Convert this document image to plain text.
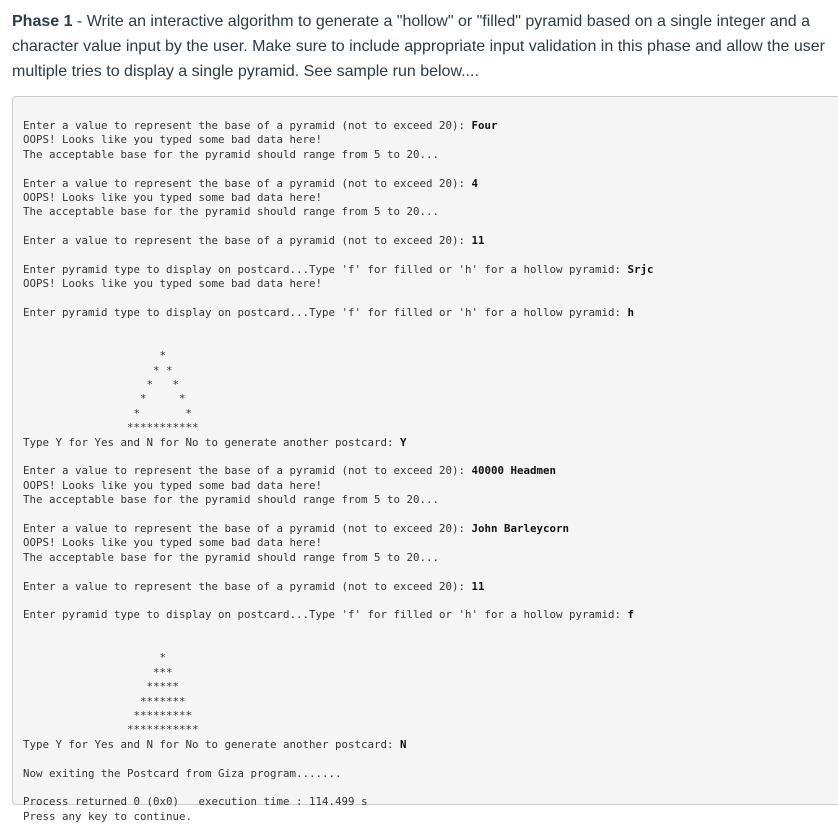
Phase 1 - Write an interactive algorithm to generate a "hollow" or "filled" pyramid based on a single integer and a character value input by the user. Make sure to include appropriate input validation in this phase and allow the user multiple tries to display a single pyramid. See sample run below....
Enter a value to represent the base of a pyramid (not to exceed 20): Four
OOPS! Looks like you typed some bad data here!
The acceptable base for the pyramid should range from 5 to 20...
Enter a value to represent the base of a pyramid (not to exceed 20): 4
OOPS! Looks like you typed some bad data here!
The acceptable base for the pyramid should range from 5 to 20...
Enter a value to represent the base of a pyramid (not to exceed 20): 11
Enter pyramid type to display on postcard...Type 'f' for filled or 'h' for a hollow pyramid: Srjc
OOPS! Looks like you typed some bad data here!
Enter pyramid type to display on postcard...Type 'f' for filled or 'h' for a hollow pyramid: h
*
* *
*   *
*     *
*       *
***********
Type Y for Yes and N for No to generate another postcard: Y
Enter a value to represent the base of a pyramid (not to exceed 20): 40000 Headmen
OOPS! Looks like you typed some bad data here!
The acceptable base for the pyramid should range from 5 to 20...
Enter a value to represent the base of a pyramid (not to exceed 20): John Barleycorn
OOPS! Looks like you typed some bad data here!
The acceptable base for the pyramid should range from 5 to 20...
Enter a value to represent the base of a pyramid (not to exceed 20): 11
Enter pyramid type to display on postcard...Type 'f' for filled or 'h' for a hollow pyramid: f
*
***
*****
*******
*********
***********
Type Y for Yes and N for No to generate another postcard: N
Now exiting the Postcard from Giza program.......
Process returned 0 (0x0)   execution time : 114.499 s
Press any key to continue.
